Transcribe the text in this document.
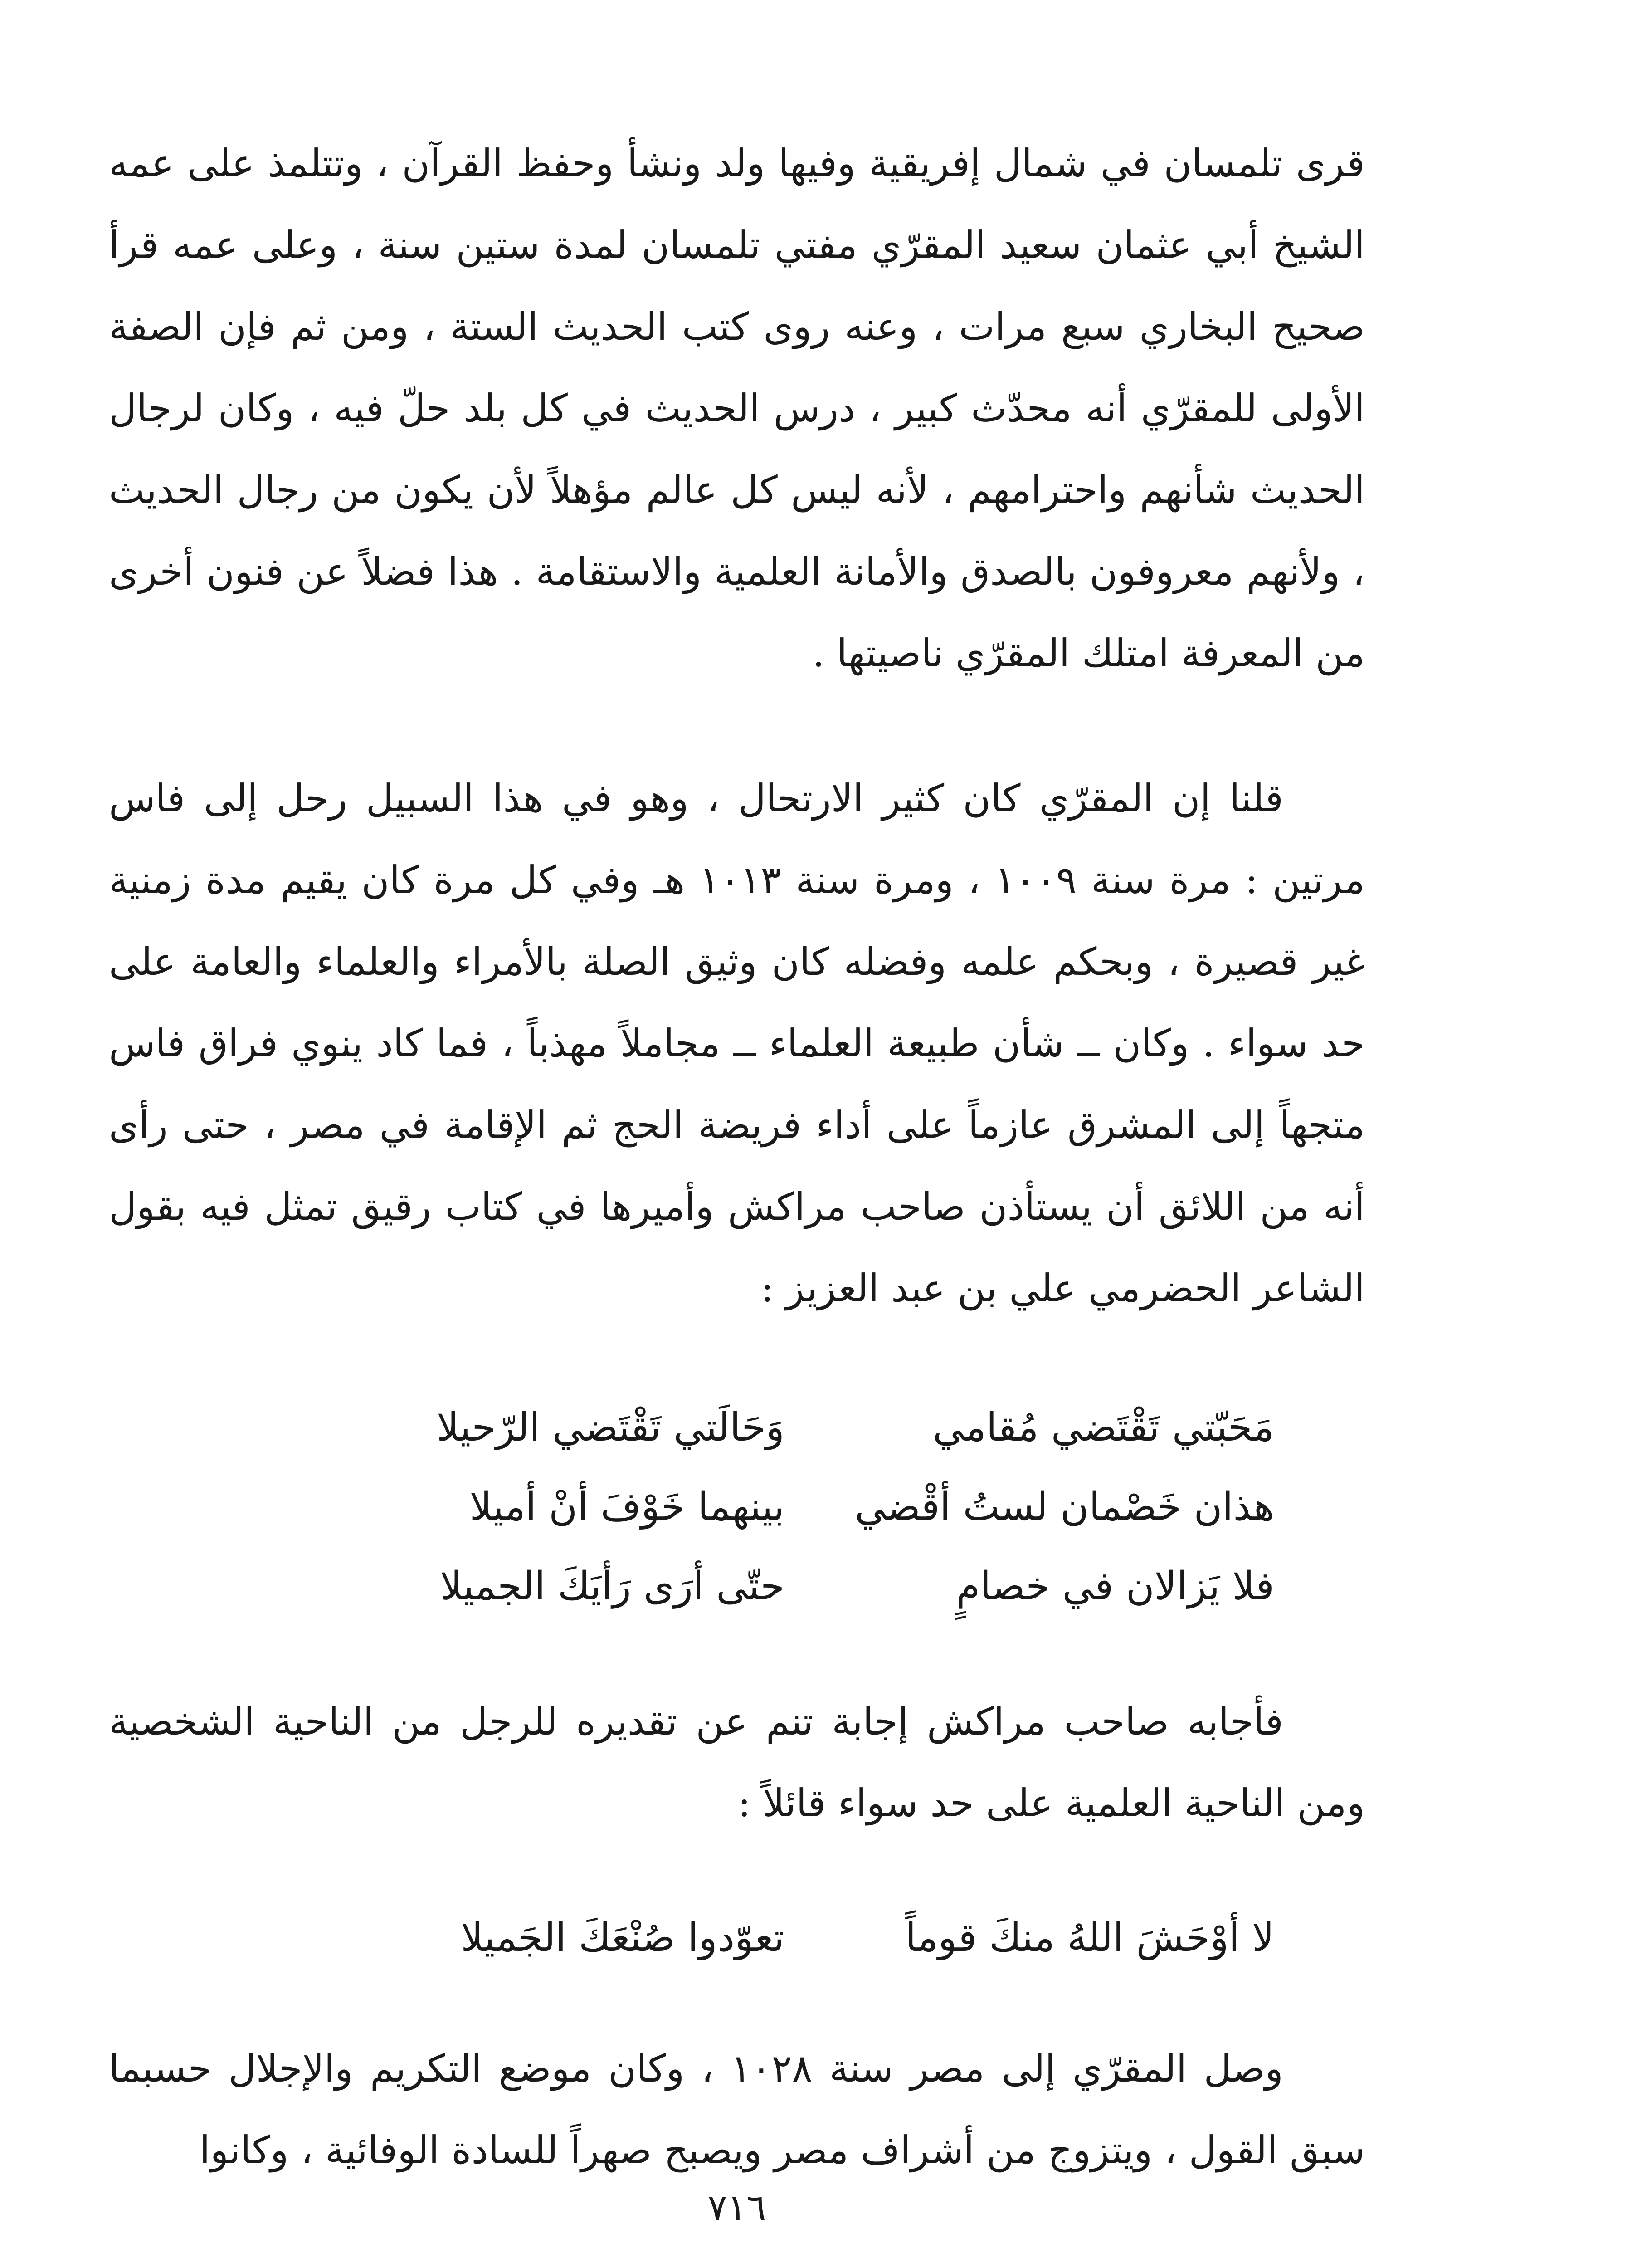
قرى تلمسان في شمال إفريقية وفيها ولد ونشأ وحفظ القرآن ، وتتلمذ على عمه الشيخ أبي عثمان سعيد المقرّي مفتي تلمسان لمدة ستين سنة ، وعلى عمه قرأ صحيح البخاري سبع مرات ، وعنه روى كتب الحديث الستة ، ومن ثم فإن الصفة الأولى للمقرّي أنه محدّث كبير ، درس الحديث في كل بلد حلّ فيه ، وكان لرجال الحديث شأنهم واحترامهم ، لأنه ليس كل عالم مؤهلاً لأن يكون من رجال الحديث ، ولأنهم معروفون بالصدق والأمانة العلمية والاستقامة . هذا فضلاً عن فنون أخرى من المعرفة امتلك المقرّي ناصيتها .

قلنا إن المقرّي كان كثير الارتحال ، وهو في هذا السبيل رحل إلى فاس مرتين : مرة سنة ١٠٠٩ ، ومرة سنة ١٠١٣ هـ وفي كل مرة كان يقيم مدة زمنية غير قصيرة ، وبحكم علمه وفضله كان وثيق الصلة بالأمراء والعلماء والعامة على حد سواء . وكان ــ شأن طبيعة العلماء ــ مجاملاً مهذباً ، فما كاد ينوي فراق فاس متجهاً إلى المشرق عازماً على أداء فريضة الحج ثم الإقامة في مصر ، حتى رأى أنه من اللائق أن يستأذن صاحب مراكش وأميرها في كتاب رقيق تمثل فيه بقول الشاعر الحضرمي علي بن عبد العزيز :

مَحَبّتي تَقْتَضي مُقامي
وَحَالَتي تَقْتَضي الرّحيلا
هذان خَصْمان لستُ أقْضي
بينهما خَوْفَ أنْ أميلا
فلا يَزالان في خصامٍ
حتّى أرَى رَأيَكَ الجميلا

فأجابه صاحب مراكش إجابة تنم عن تقديره للرجل من الناحية الشخصية ومن الناحية العلمية على حد سواء قائلاً :

لا أوْحَشَ اللهُ منكَ قوماً
تعوّدوا صُنْعَكَ الجَميلا

وصل المقرّي إلى مصر سنة ١٠٢٨ ، وكان موضع التكريم والإجلال حسبما سبق القول ، ويتزوج من أشراف مصر ويصبح صهراً للسادة الوفائية ، وكانوا

٧١٦
